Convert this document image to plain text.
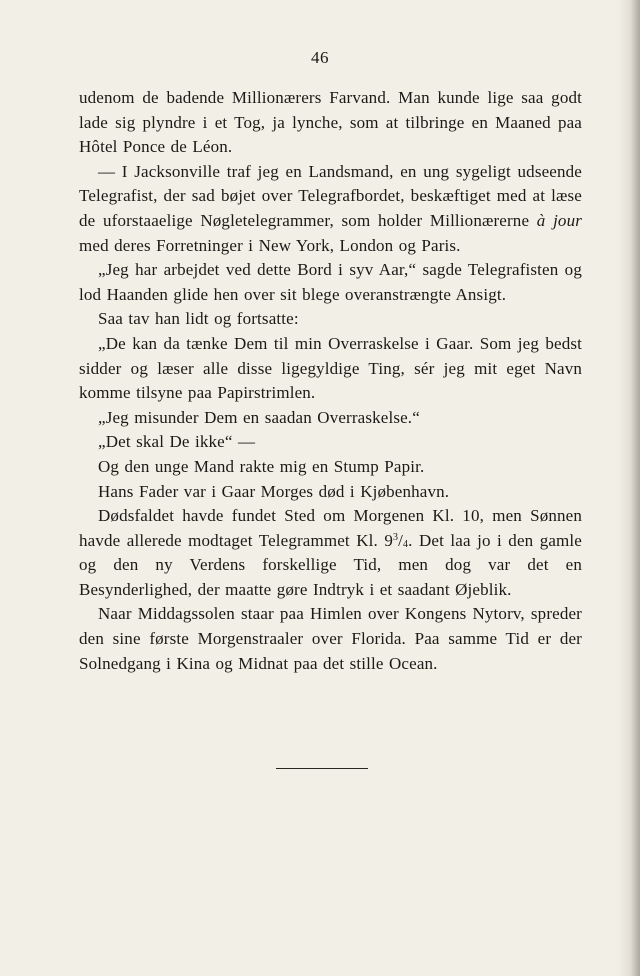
46

udenom de badende Millionærers Farvand. Man kunde lige saa godt lade sig plyndre i et Tog, ja lynche, som at tilbringe en Maaned paa Hôtel Ponce de Léon.

— I Jacksonville traf jeg en Landsmand, en ung sygeligt udseende Telegrafist, der sad bøjet over Telegrafbordet, beskæftiget med at læse de uforstaaelige Nøgletelegrammer, som holder Millionærerne à jour med deres Forretninger i New York, London og Paris.

„Jeg har arbejdet ved dette Bord i syv Aar,“ sagde Telegrafisten og lod Haanden glide hen over sit blege overanstrængte Ansigt.

Saa tav han lidt og fortsatte:

„De kan da tænke Dem til min Overraskelse i Gaar. Som jeg bedst sidder og læser alle disse ligegyldige Ting, sér jeg mit eget Navn komme tilsyne paa Papirstrimlen.

„Jeg misunder Dem en saadan Overraskelse.“

„Det skal De ikke“ —

Og den unge Mand rakte mig en Stump Papir.

Hans Fader var i Gaar Morges død i Kjøbenhavn.

Dødsfaldet havde fundet Sted om Morgenen Kl. 10, men Sønnen havde allerede modtaget Telegrammet Kl. $9^3/_4$. Det laa jo i den gamle og den ny Verdens forskellige Tid, men dog var det en Besynderlighed, der maatte gøre Indtryk i et saadant Øjeblik.

Naar Middagssolen staar paa Himlen over Kongens Nytorv, spreder den sine første Morgenstraaler over Florida. Paa samme Tid er der Solnedgang i Kina og Midnat paa det stille Ocean.
